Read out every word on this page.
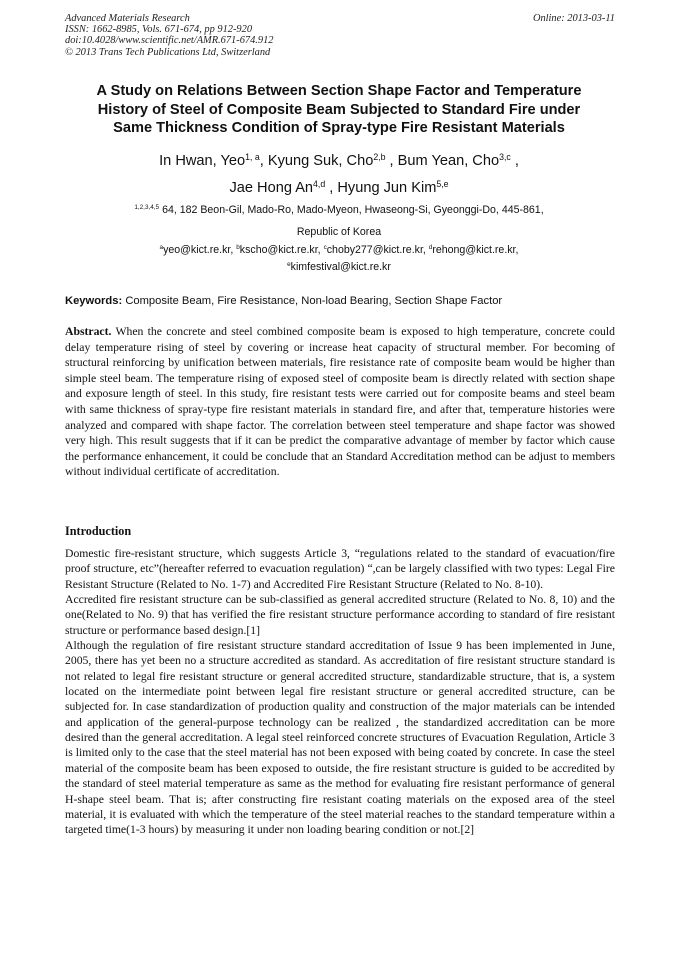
Advanced Materials Research
ISSN: 1662-8985, Vols. 671-674, pp 912-920
doi:10.4028/www.scientific.net/AMR.671-674.912
© 2013 Trans Tech Publications Ltd, Switzerland
Online: 2013-03-11
A Study on Relations Between Section Shape Factor and Temperature
History of Steel of Composite Beam Subjected to Standard Fire under
Same Thickness Condition of Spray-type Fire Resistant Materials
In Hwan, Yeo$^{1, a}$, Kyung Suk, Cho$^{2,b}$ , Bum Yean, Cho$^{3,c}$ ,
Jae Hong An$^{4,d}$ , Hyung Jun Kim$^{5,e}$
$^{1,2,3,4,5}$ 64, 182 Beon-Gil, Mado-Ro, Mado-Myeon, Hwaseong-Si, Gyeonggi-Do, 445-861,
Republic of Korea
$^a$yeo@kict.re.kr, $^b$kscho@kict.re.kr, $^c$choby277@kict.re.kr, $^d$rehong@kict.re.kr,
$^e$kimfestival@kict.re.kr
Keywords: Composite Beam, Fire Resistance, Non-load Bearing, Section Shape Factor
Abstract. When the concrete and steel combined composite beam is exposed to high temperature, concrete could delay temperature rising of steel by covering or increase heat capacity of structural member. For becoming of structural reinforcing by unification between materials, fire resistance rate of composite beam would be higher than simple steel beam. The temperature rising of exposed steel of composite beam is directly related with section shape and exposure length of steel. In this study, fire resistant tests were carried out for composite beams and steel beam with same thickness of spray-type fire resistant materials in standard fire, and after that, temperature histories were analyzed and compared with shape factor. The correlation between steel temperature and shape factor was showed very high. This result suggests that if it can be predict the comparative advantage of member by factor which cause the performance enhancement, it could be conclude that an Standard Accreditation method can be adjust to members without individual certificate of accreditation.
Introduction

Domestic fire-resistant structure, which suggests Article 3, “regulations related to the standard of evacuation/fire proof structure, etc”(hereafter referred to evacuation regulation) “,can be largely classified with two types: Legal Fire Resistant Structure (Related to No. 1-7) and Accredited Fire Resistant Structure (Related to No. 8-10).

Accredited fire resistant structure can be sub-classified as general accredited structure (Related to No. 8, 10) and the one(Related to No. 9) that has verified the fire resistant structure performance according to standard of fire resistant structure or performance based design.[1]

Although the regulation of fire resistant structure standard accreditation of Issue 9 has been implemented in June, 2005, there has yet been no a structure accredited as standard. As accreditation of fire resistant structure standard is not related to legal fire resistant structure or general accredited structure, standardizable structure, that is, a system located on the intermediate point between legal fire resistant structure or general accredited structure, can be subjected for. In case standardization of production quality and construction of the major materials can be intended and application of the general-purpose technology can be realized , the standardized accreditation can be more desired than the general accreditation. A legal steel reinforced concrete structures of Evacuation Regulation, Article 3 is limited only to the case that the steel material has not been exposed with being coated by concrete. In case the steel material of the composite beam has been exposed to outside, the fire resistant structure is guided to be accredited by the standard of steel material temperature as same as the method for evaluating fire resistant performance of general H-shape steel beam. That is; after constructing fire resistant coating materials on the exposed area of the steel material, it is evaluated with which the temperature of the steel material reaches to the standard temperature within a targeted time(1-3 hours) by measuring it under non loading bearing condition or not.[2]
